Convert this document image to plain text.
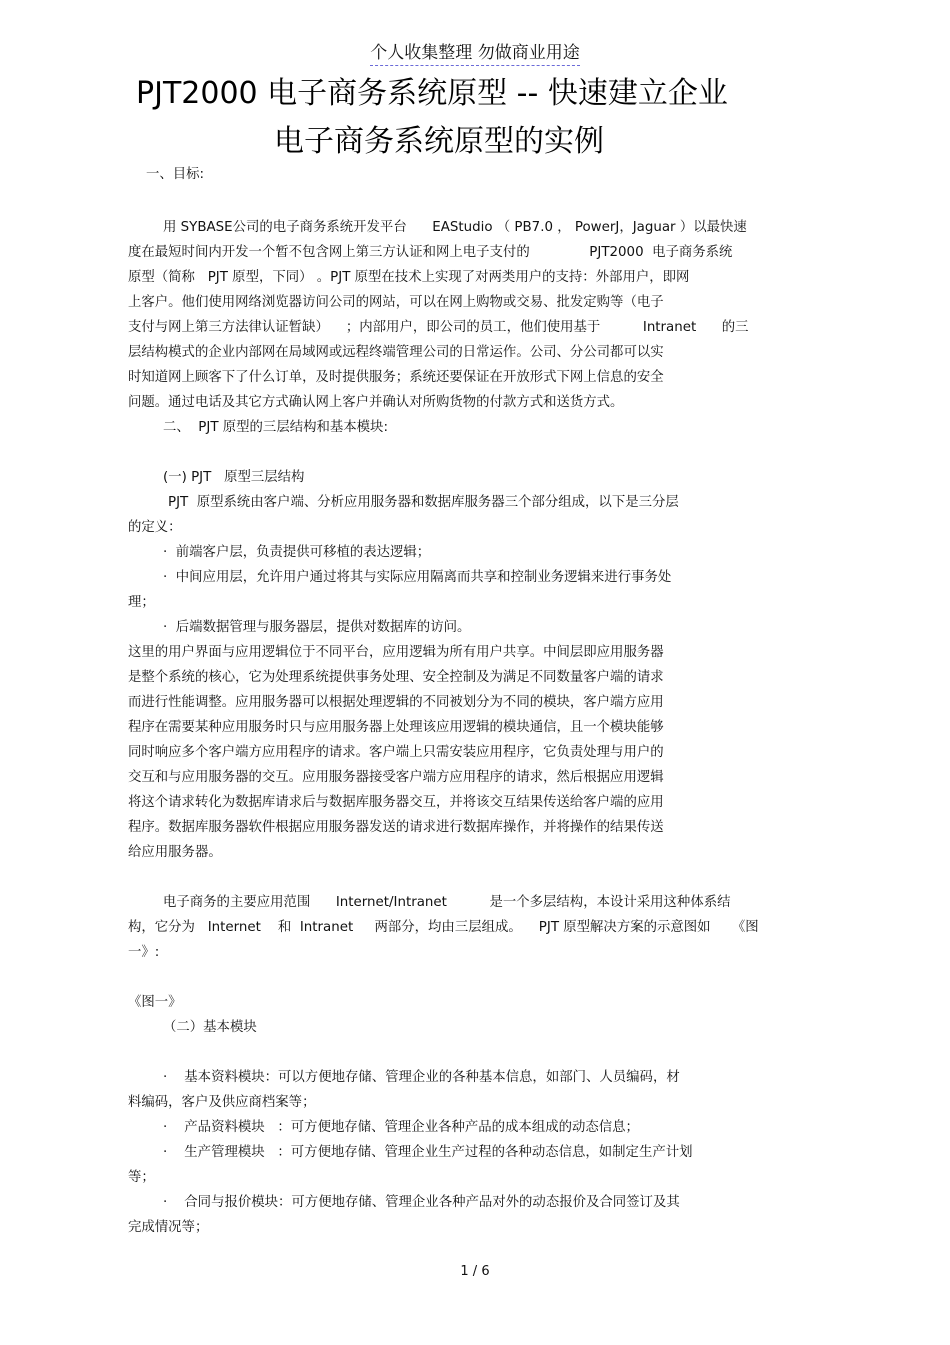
个人收集整理 勿做商业用途
PJT2000 电子商务系统原型 -- 快速建立企业
电子商务系统原型的实例
一、目标:
用 SYBASE公司的电子商务系统开发平台      EAStudio （ PB7.0 ， PowerJ，Jaguar ）以最快速
度在最短时间内开发一个暂不包含网上第三方认证和网上电子支付的              PJT2000  电子商务系统
原型（简称   PJT 原型，下同） 。PJT 原型在技术上实现了对两类用户的支持：外部用户，即网
上客户。他们使用网络浏览器访问公司的网站，可以在网上购物或交易、批发定购等（电子
支付与网上第三方法律认证暂缺）    ；内部用户，即公司的员工，他们使用基于          Intranet      的三
层结构模式的企业内部网在局域网或远程终端管理公司的日常运作。公司、分公司都可以实
时知道网上顾客下了什么订单，及时提供服务；系统还要保证在开放形式下网上信息的安全
问题。通过电话及其它方式确认网上客户并确认对所购货物的付款方式和送货方式。
二、  PJT 原型的三层结构和基本模块:
(一) PJT   原型三层结构
PJT  原型系统由客户端、分析应用服务器和数据库服务器三个部分组成，以下是三分层
的定义：
·  前端客户层，负责提供可移植的表达逻辑；
·  中间应用层，允许用户通过将其与实际应用隔离而共享和控制业务逻辑来进行事务处
理；
·  后端数据管理与服务器层，提供对数据库的访问。
这里的用户界面与应用逻辑位于不同平台，应用逻辑为所有用户共享。中间层即应用服务器
是整个系统的核心，它为处理系统提供事务处理、安全控制及为满足不同数量客户端的请求
而进行性能调整。应用服务器可以根据处理逻辑的不同被划分为不同的模块，客户端方应用
程序在需要某种应用服务时只与应用服务器上处理该应用逻辑的模块通信，且一个模块能够
同时响应多个客户端方应用程序的请求。客户端上只需安装应用程序，它负责处理与用户的
交互和与应用服务器的交互。应用服务器接受客户端方应用程序的请求，然后根据应用逻辑
将这个请求转化为数据库请求后与数据库服务器交互，并将该交互结果传送给客户端的应用
程序。数据库服务器软件根据应用服务器发送的请求进行数据库操作，并将操作的结果传送
给应用服务器。
电子商务的主要应用范围      Internet/Intranet          是一个多层结构，本设计采用这种体系结
构，它分为   Internet    和  Intranet     两部分，均由三层组成。    PJT 原型解决方案的示意图如     《图
一》:
《图一》
（二）基本模块
·    基本资料模块：可以方便地存储、管理企业的各种基本信息，如部门、人员编码，材
料编码，客户及供应商档案等；
·    产品资料模块   ：可方便地存储、管理企业各种产品的成本组成的动态信息；
·    生产管理模块   ：可方便地存储、管理企业生产过程的各种动态信息，如制定生产计划
等；
·    合同与报价模块：可方便地存储、管理企业各种产品对外的动态报价及合同签订及其
完成情况等；
1 / 6
